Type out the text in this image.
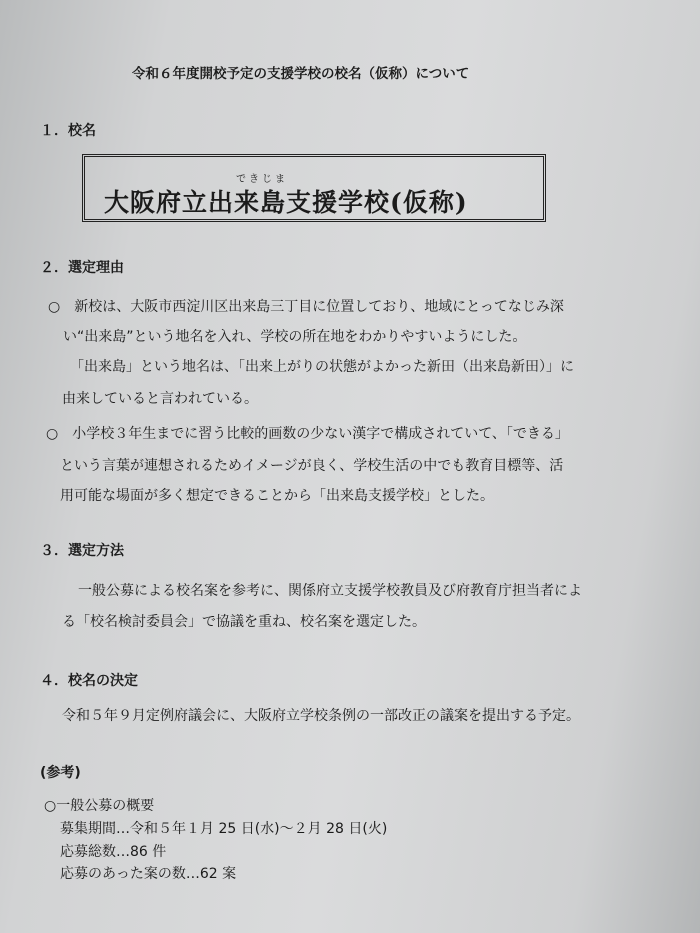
令和６年度開校予定の支援学校の校名（仮称）について
１．校名
できじま
大阪府立出来島支援学校(仮称)
２．選定理由
○　新校は、大阪市西淀川区出来島三丁目に位置しており、地域にとってなじみ深
い“出来島”という地名を入れ、学校の所在地をわかりやすいようにした。
「出来島」という地名は、「出来上がりの状態がよかった新田（出来島新田）」に
由来していると言われている。
○　小学校３年生までに習う比較的画数の少ない漢字で構成されていて、「できる」
という言葉が連想されるためイメージが良く、学校生活の中でも教育目標等、活
用可能な場面が多く想定できることから「出来島支援学校」とした。
３．選定方法
一般公募による校名案を参考に、関係府立支援学校教員及び府教育庁担当者によ
る「校名検討委員会」で協議を重ね、校名案を選定した。
４．校名の決定
令和５年９月定例府議会に、大阪府立学校条例の一部改正の議案を提出する予定。
(参考)
○一般公募の概要
募集期間…令和５年１月 25 日(水)～２月 28 日(火)
応募総数…86 件
応募のあった案の数…62 案
